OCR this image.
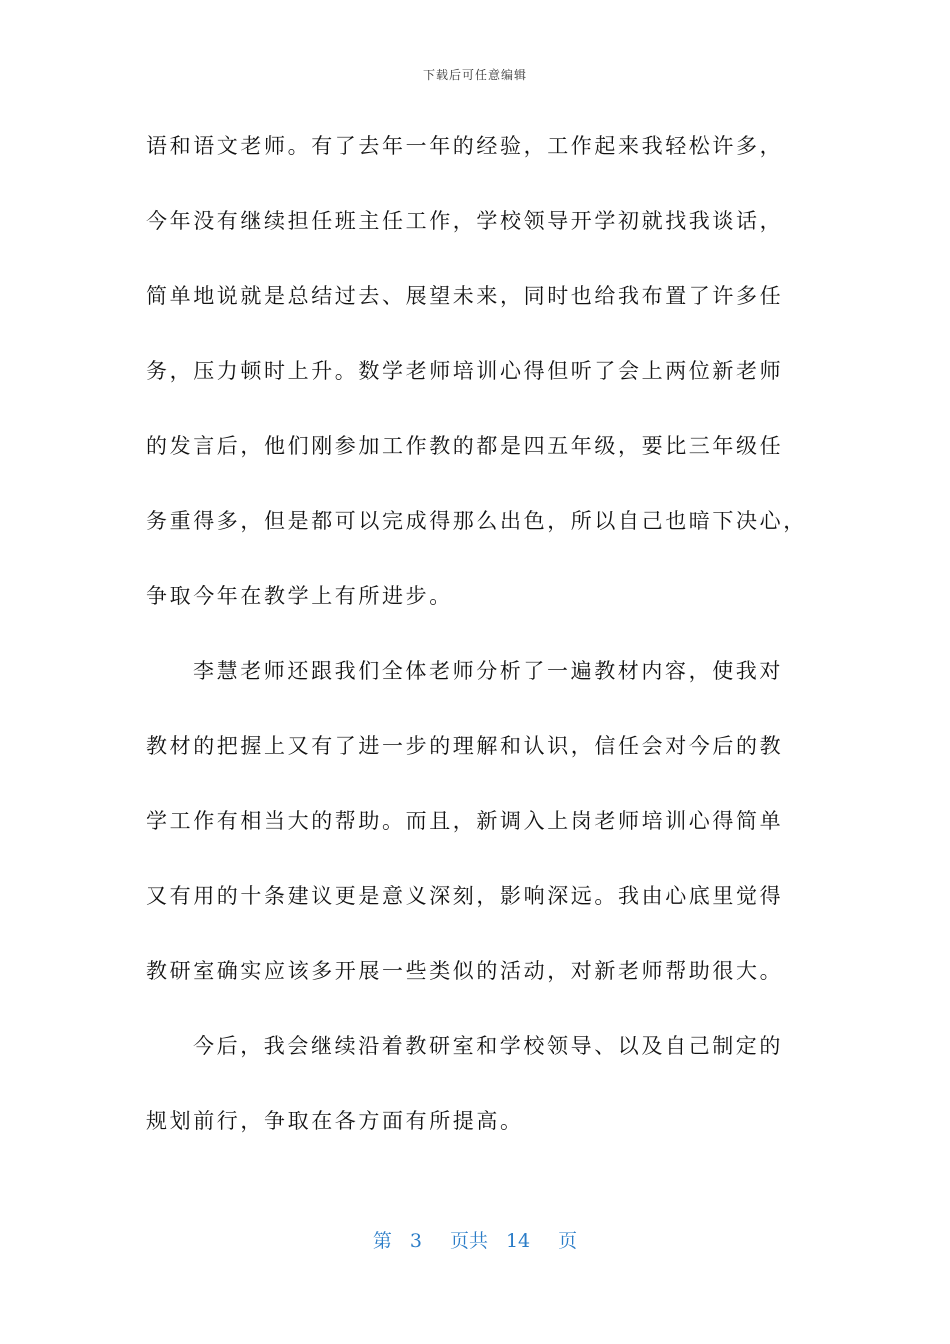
下载后可任意编辑

语和语文老师。有了去年一年的经验，工作起来我轻松许多，

今年没有继续担任班主任工作，学校领导开学初就找我谈话，

简单地说就是总结过去、展望未来，同时也给我布置了许多任

务，压力顿时上升。数学老师培训心得但听了会上两位新老师

的发言后，他们刚参加工作教的都是四五年级，要比三年级任

务重得多，但是都可以完成得那么出色，所以自己也暗下决心，

争取今年在教学上有所进步。

李慧老师还跟我们全体老师分析了一遍教材内容，使我对

教材的把握上又有了进一步的理解和认识，信任会对今后的教

学工作有相当大的帮助。而且，新调入上岗老师培训心得简单

又有用的十条建议更是意义深刻，影响深远。我由心底里觉得

教研室确实应该多开展一些类似的活动，对新老师帮助很大。

今后，我会继续沿着教研室和学校领导、以及自己制定的

规划前行，争取在各方面有所提高。

第 3 页共 14 页
